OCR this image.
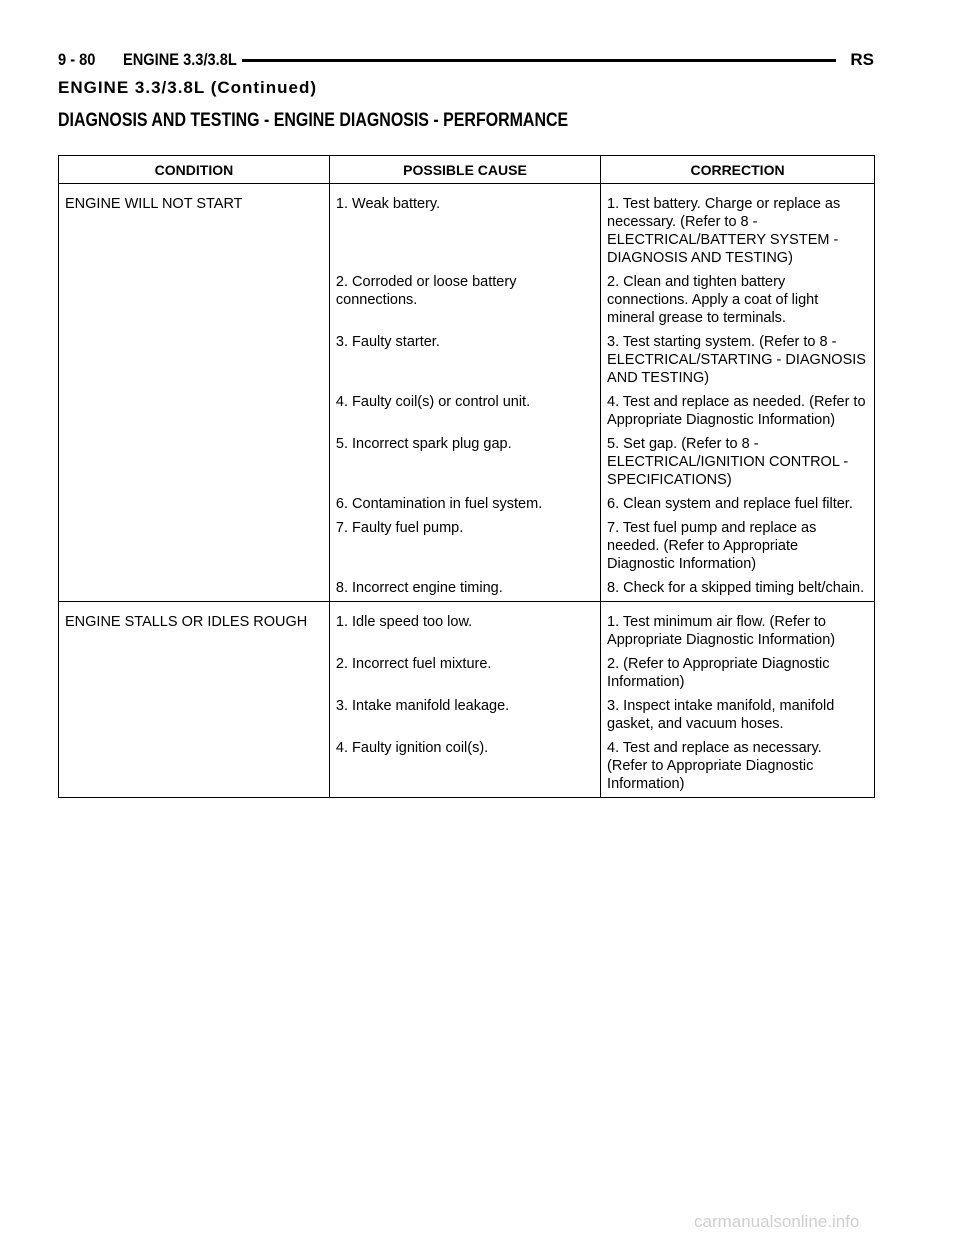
9 - 80 ENGINE 3.3/3.8L	RS
ENGINE 3.3/3.8L (Continued)
DIAGNOSIS AND TESTING - ENGINE DIAGNOSIS - PERFORMANCE
CONDITION	POSSIBLE CAUSE	CORRECTION

ENGINE WILL NOT START	1. Weak battery.	1. Test battery. Charge or replace as necessary. (Refer to 8 - ELECTRICAL/BATTERY SYSTEM - DIAGNOSIS AND TESTING)

	2. Corroded or loose battery connections.	2. Clean and tighten battery connections. Apply a coat of light mineral grease to terminals.

	3. Faulty starter.	3. Test starting system. (Refer to 8 - ELECTRICAL/STARTING - DIAGNOSIS AND TESTING)

	4. Faulty coil(s) or control unit.	4. Test and replace as needed. (Refer to Appropriate Diagnostic Information)

	5. Incorrect spark plug gap.	5. Set gap. (Refer to 8 - ELECTRICAL/IGNITION CONTROL - SPECIFICATIONS)

	6. Contamination in fuel system.	6. Clean system and replace fuel filter.

	7. Faulty fuel pump.	7. Test fuel pump and replace as needed. (Refer to Appropriate Diagnostic Information)

	8. Incorrect engine timing.	8. Check for a skipped timing belt/chain.

ENGINE STALLS OR IDLES ROUGH	1. Idle speed too low.	1. Test minimum air flow. (Refer to Appropriate Diagnostic Information)

	2. Incorrect fuel mixture.	2. (Refer to Appropriate Diagnostic Information)

	3. Intake manifold leakage.	3. Inspect intake manifold, manifold gasket, and vacuum hoses.

	4. Faulty ignition coil(s).	4. Test and replace as necessary. (Refer to Appropriate Diagnostic Information)
carmanualsonline.info
